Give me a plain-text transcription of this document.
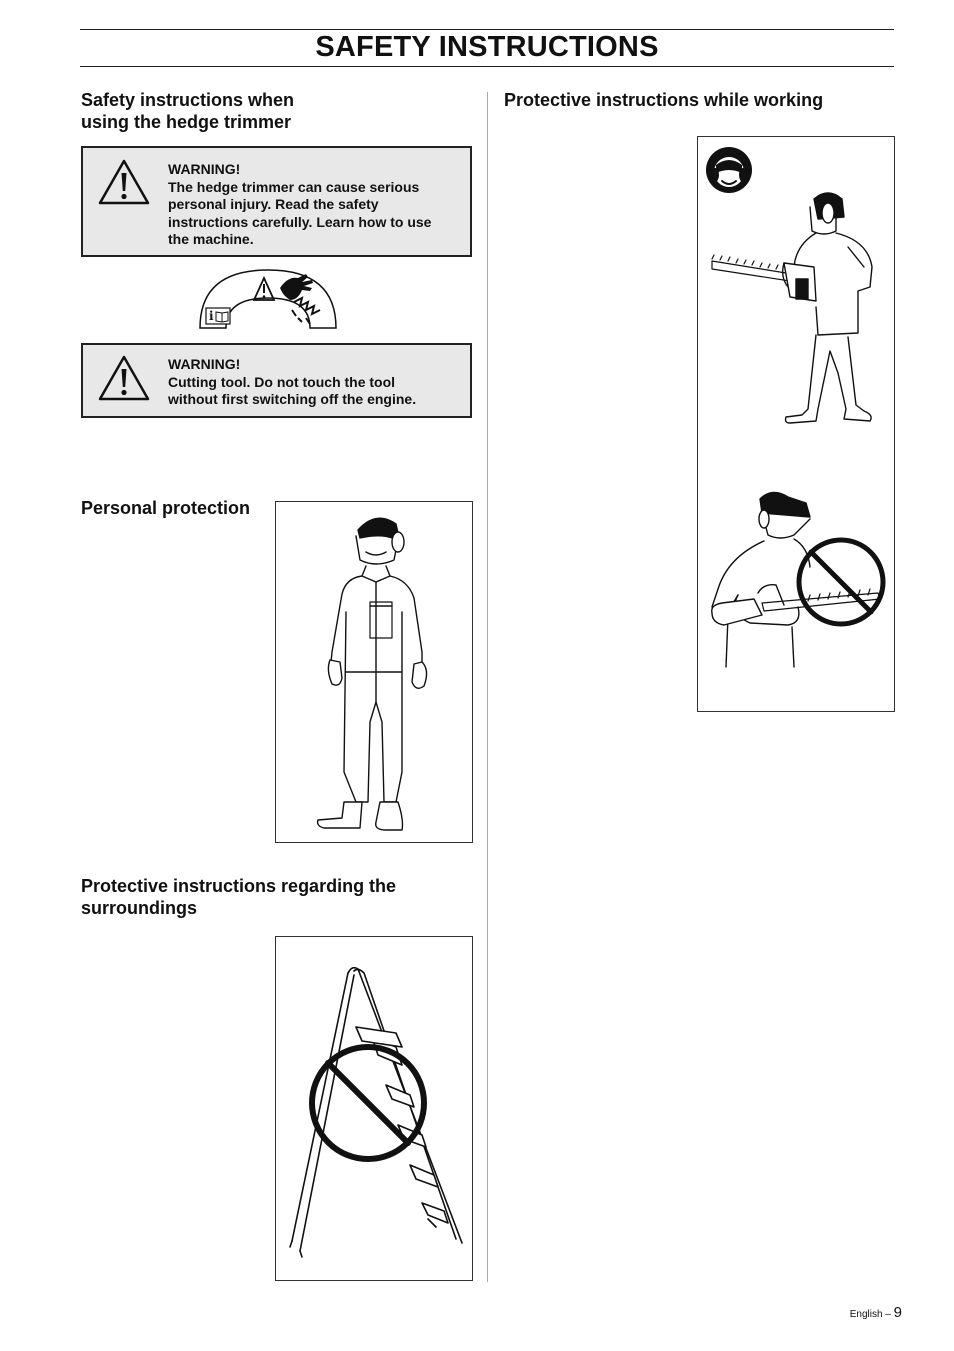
SAFETY INSTRUCTIONS
Safety instructions when
using the hedge trimmer
WARNING!
The hedge trimmer can cause serious
personal injury. Read the safety
instructions carefully. Learn how to use
the machine.
i
WARNING!
Cutting tool. Do not touch the tool
without first switching off the engine.
Personal protection
Protective instructions regarding the
surroundings
Protective instructions while working
English – 9
